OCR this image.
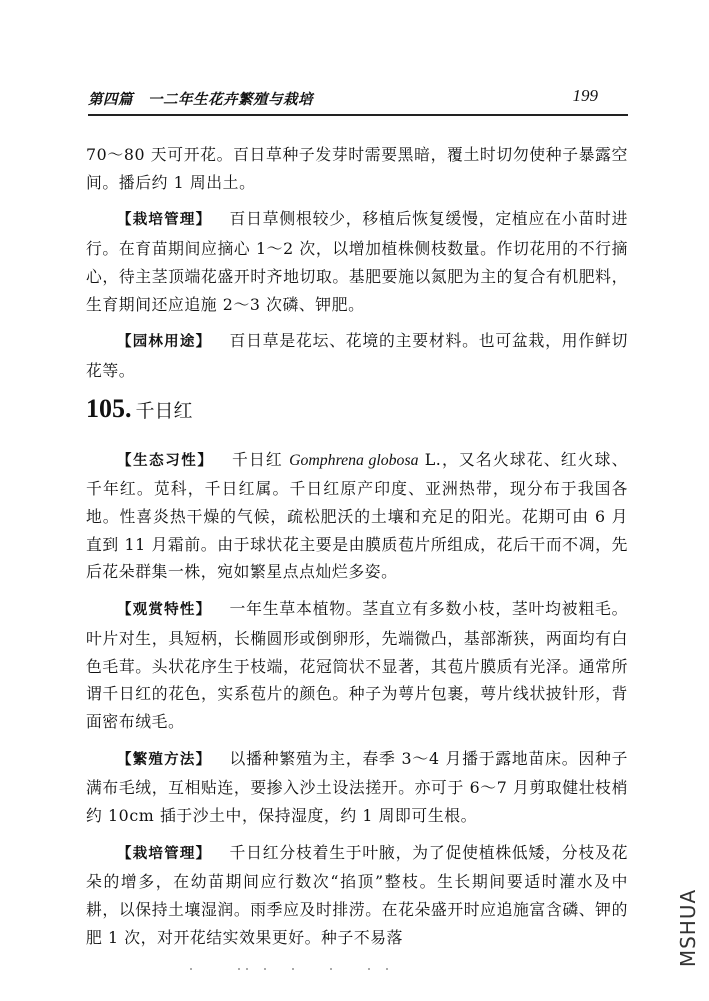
第四篇　一二年生花卉繁殖与栽培	199

70～80 天可开花。百日草种子发芽时需要黑暗，覆土时切勿使种子暴露空间。播后约 1 周出土。

【栽培管理】 百日草侧根较少，移植后恢复缓慢，定植应在小苗时进行。在育苗期间应摘心 1～2 次，以增加植株侧枝数量。作切花用的不行摘心，待主茎顶端花盛开时齐地切取。基肥要施以氮肥为主的复合有机肥料，生育期间还应追施 2～3 次磷、钾肥。

【园林用途】 百日草是花坛、花境的主要材料。也可盆栽，用作鲜切花等。

105. 千日红

【生态习性】 千日红 Gomphrena globosa L.，又名火球花、红火球、千年红。苋科，千日红属。千日红原产印度、亚洲热带，现分布于我国各地。性喜炎热干燥的气候，疏松肥沃的土壤和充足的阳光。花期可由 6 月直到 11 月霜前。由于球状花主要是由膜质苞片所组成，花后干而不凋，先后花朵群集一株，宛如繁星点点灿烂多姿。

【观赏特性】 一年生草本植物。茎直立有多数小枝，茎叶均被粗毛。叶片对生，具短柄，长椭圆形或倒卵形，先端微凸，基部渐狭，两面均有白色毛茸。头状花序生于枝端，花冠筒状不显著，其苞片膜质有光泽。通常所谓千日红的花色，实系苞片的颜色。种子为萼片包裹，萼片线状披针形，背面密布绒毛。

【繁殖方法】 以播种繁殖为主，春季 3～4 月播于露地苗床。因种子满布毛绒，互相贴连，要掺入沙土设法搓开。亦可于 6～7 月剪取健壮枝梢约 10cm 插于沙土中，保持湿度，约 1 周即可生根。

【栽培管理】 千日红分枝着生于叶腋，为了促使植株低矮，分枝及花朵的增多，在幼苗期间应行数次“掐顶”整枝。生长期间要适时灌水及中耕，以保持土壤湿润。雨季应及时排涝。在花朵盛开时应追施富含磷、钾的肥 1 次，对开花结实效果更好。种子不易落	MSHUA
